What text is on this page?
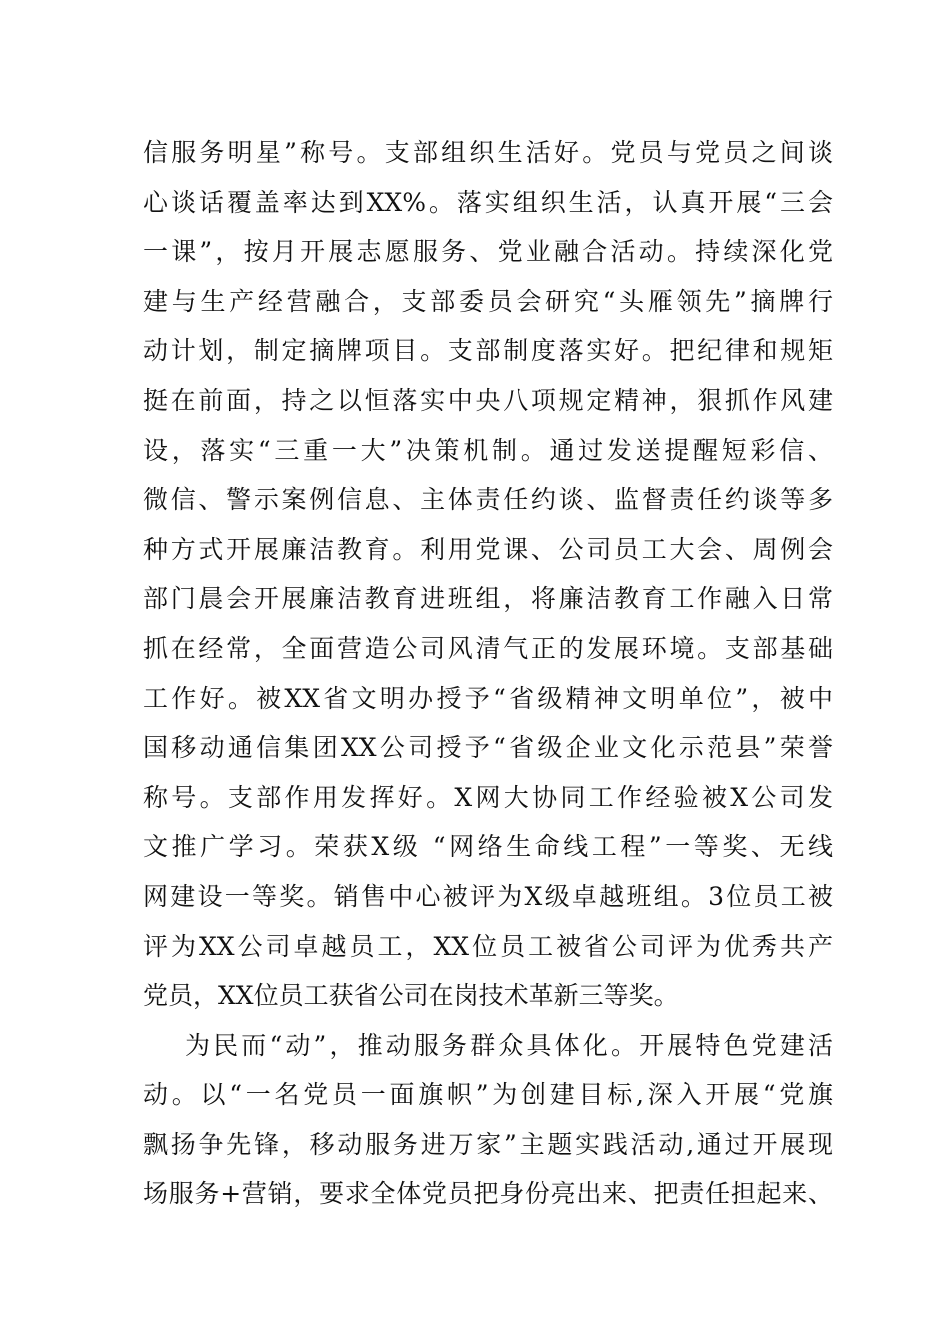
信服务明星”称号。支部组织生活好。党员与党员之间谈
心谈话覆盖率达到XX%。落实组织生活，认真开展“三会
一课”，按月开展志愿服务、党业融合活动。持续深化党
建与生产经营融合，支部委员会研究“头雁领先”摘牌行
动计划，制定摘牌项目。支部制度落实好。把纪律和规矩
挺在前面，持之以恒落实中央八项规定精神，狠抓作风建
设，落实“三重一大”决策机制。通过发送提醒短彩信、
微信、警示案例信息、主体责任约谈、监督责任约谈等多
种方式开展廉洁教育。利用党课、公司员工大会、周例会
部门晨会开展廉洁教育进班组，将廉洁教育工作融入日常
抓在经常，全面营造公司风清气正的发展环境。支部基础
工作好。被XX省文明办授予“省级精神文明单位”，被中
国移动通信集团XX公司授予“省级企业文化示范县”荣誉
称号。支部作用发挥好。X网大协同工作经验被X公司发
文推广学习。荣获X级 “网络生命线工程”一等奖、无线
网建设一等奖。销售中心被评为X级卓越班组。3位员工被
评为XX公司卓越员工，XX位员工被省公司评为优秀共产
党员，XX位员工获省公司在岗技术革新三等奖。
为民而“动”，推动服务群众具体化。开展特色党建活
动。以“一名党员一面旗帜”为创建目标,深入开展“党旗
飘扬争先锋，移动服务进万家”主题实践活动,通过开展现
场服务+营销，要求全体党员把身份亮出来、把责任担起来、
